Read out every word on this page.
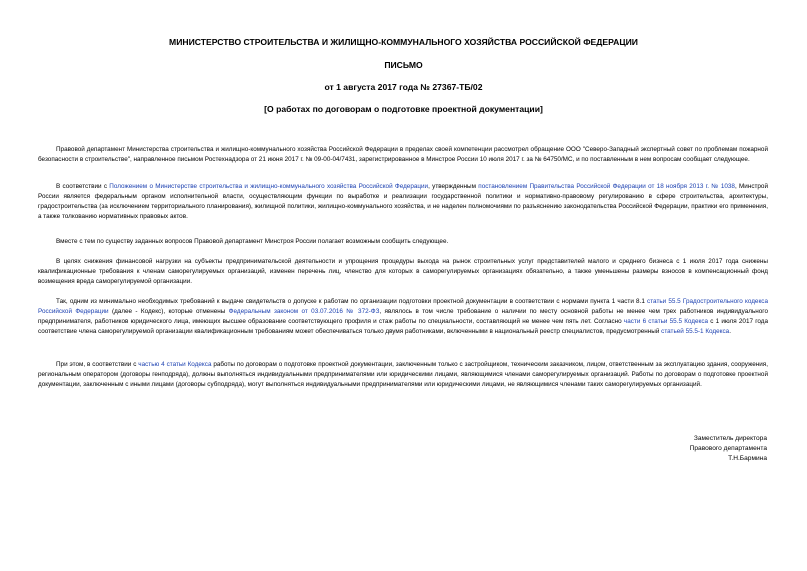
МИНИСТЕРСТВО СТРОИТЕЛЬСТВА И ЖИЛИЩНО-КОММУНАЛЬНОГО ХОЗЯЙСТВА РОССИЙСКОЙ ФЕДЕРАЦИИ
ПИСЬМО
от 1 августа 2017 года № 27367-ТБ/02
[О работах по договорам о подготовке проектной документации]
Правовой департамент Министерства строительства и жилищно-коммунального хозяйства Российской Федерации в пределах своей компетенции рассмотрел обращение ООО "Северо-Западный экспертный совет по проблемам пожарной безопасности в строительстве", направленное письмом Ростехнадзора от 21 июня 2017 г. № 09-00-04/7431, зарегистрированное в Минстрое России 10 июля 2017 г. за № 64750/МС, и по поставленным в нем вопросам сообщает следующее.
В соответствии с Положением о Министерстве строительства и жилищно-коммунального хозяйства Российской Федерации, утвержденным постановлением Правительства Российской Федерации от 18 ноября 2013 г. № 1038, Минстрой России является федеральным органом исполнительной власти, осуществляющим функции по выработке и реализации государственной политики и нормативно-правовому регулированию в сфере строительства, архитектуры, градостроительства (за исключением территориального планирования), жилищной политики, жилищно-коммунального хозяйства, и не наделен полномочиями по разъяснению законодательства Российской Федерации, практики его применения, а также толкованию нормативных правовых актов.
Вместе с тем по существу заданных вопросов Правовой департамент Минстроя России полагает возможным сообщить следующее.
В целях снижения финансовой нагрузки на субъекты предпринимательской деятельности и упрощения процедуры выхода на рынок строительных услуг представителей малого и среднего бизнеса с 1 июля 2017 года снижены квалификационные требования к членам саморегулируемых организаций, изменен перечень лиц, членство для которых в саморегулируемых организациях обязательно, а также уменьшены размеры взносов в компенсационный фонд возмещения вреда саморегулируемой организации.
Так, одним из минимально необходимых требований к выдаче свидетельств о допуске к работам по организации подготовки проектной документации в соответствии с нормами пункта 1 части 8.1 статьи 55.5 Градостроительного кодекса Российской Федерации (далее - Кодекс), которые отменены Федеральным законом от 03.07.2016 № 372-ФЗ, являлось в том числе требование о наличии по месту основной работы не менее чем трех работников индивидуального предпринимателя, работников юридического лица, имеющих высшее образование соответствующего профиля и стаж работы по специальности, составляющий не менее чем пять лет. Согласно части 6 статьи 55.5 Кодекса с 1 июля 2017 года соответствие члена саморегулируемой организации квалификационным требованиям может обеспечиваться только двумя работниками, включенными в национальный реестр специалистов, предусмотренный статьей 55.5-1 Кодекса.
При этом, в соответствии с частью 4 статьи Кодекса работы по договорам о подготовке проектной документации, заключенным только с застройщиком, техническим заказчиком, лицом, ответственным за эксплуатацию здания, сооружения, региональным оператором (договоры генподряда), должны выполняться индивидуальными предпринимателями или юридическими лицами, являющимися членами саморегулируемых организаций. Работы по договорам о подготовке проектной документации, заключенным с иными лицами (договоры субподряда), могут выполняться индивидуальными предпринимателями или юридическими лицами, не являющимися членами таких саморегулируемых организаций.
Заместитель директора
Правового департамента
Т.Н.Бармина
